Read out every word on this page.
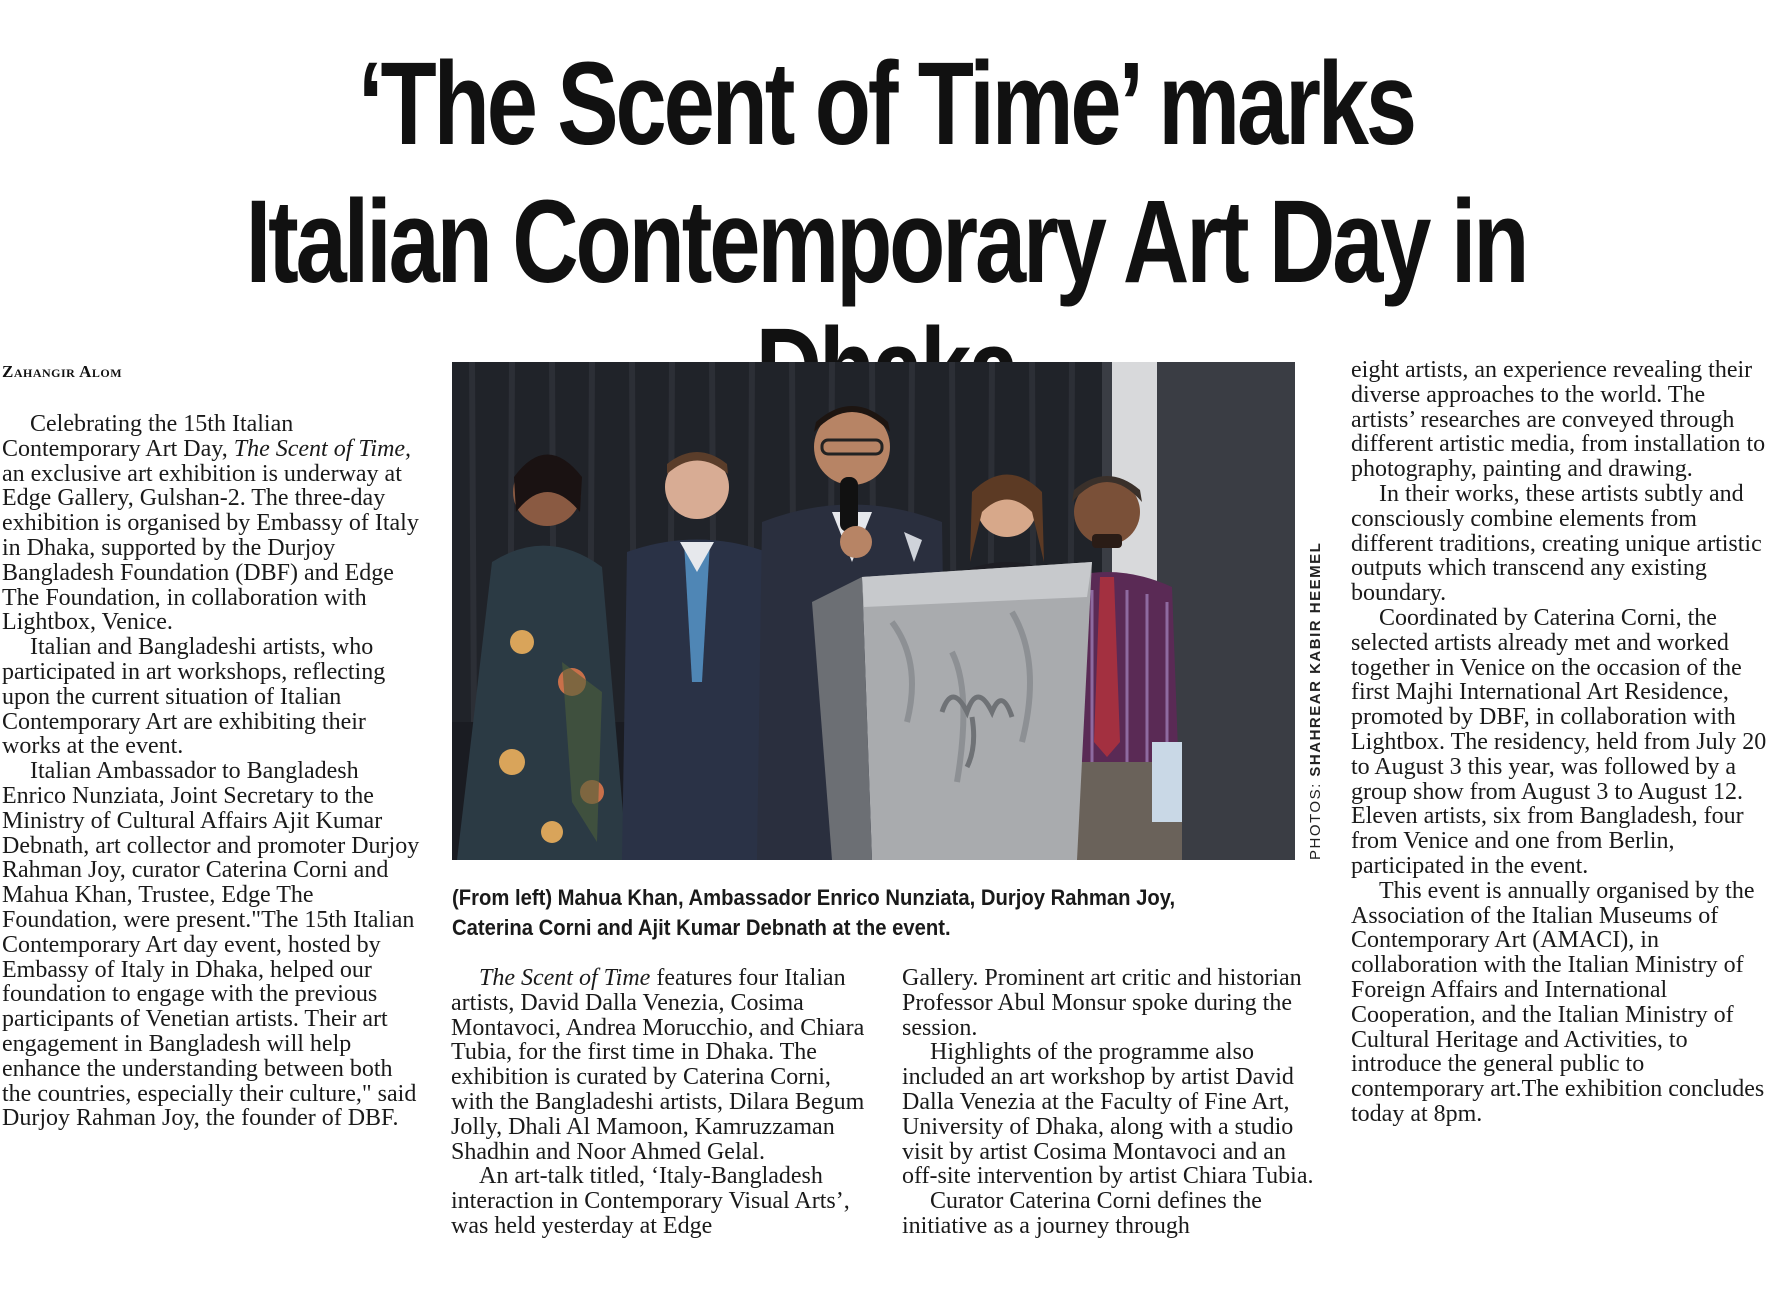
‘The Scent of Time’ marks
Italian Contemporary Art Day in
Zahangir Alom

Celebrating the 15th Italian Contemporary Art Day, The Scent of Time, an exclusive art exhibition is underway at Edge Gallery, Gulshan-2. The three-day exhibition is organised by Embassy of Italy in Dhaka, supported by the Durjoy Bangladesh Foundation (DBF) and Edge The Foundation, in collaboration with Lightbox, Venice.

Italian and Bangladeshi artists, who participated in art workshops, reflecting upon the current situation of Italian Contemporary Art are exhibiting their works at the event.

Italian Ambassador to Bangladesh Enrico Nunziata, Joint Secretary to the Ministry of Cultural Affairs Ajit Kumar Debnath, art collector and promoter Durjoy Rahman Joy, curator Caterina Corni and Mahua Khan, Trustee, Edge The Foundation, were present."The 15th Italian Contemporary Art day event, hosted by Embassy of Italy in Dhaka, helped our foundation to engage with the previous participants of Venetian artists. Their art engagement in Bangladesh will help enhance the understanding between both the countries, especially their culture," said Durjoy Rahman Joy, the founder of DBF.

PHOTOS: SHAHREAR KABIR HEEMEL
(From left) Mahua Khan, Ambassador Enrico Nunziata, Durjoy Rahman Joy, Caterina Corni and Ajit Kumar Debnath at the event.

The Scent of Time features four Italian artists, David Dalla Venezia, Cosima Montavoci, Andrea Morucchio, and Chiara Tubia, for the first time in Dhaka. The exhibition is curated by Caterina Corni, with the Bangladeshi artists, Dilara Begum Jolly, Dhali Al Mamoon, Kamruzzaman Shadhin and Noor Ahmed Gelal.

An art-talk titled, ‘Italy-Bangladesh interaction in Contemporary Visual Arts’, was held yesterday at Edge

Gallery. Prominent art critic and historian Professor Abul Monsur spoke during the session.

Highlights of the programme also included an art workshop by artist David Dalla Venezia at the Faculty of Fine Art, University of Dhaka, along with a studio visit by artist Cosima Montavoci and an off-site intervention by artist Chiara Tubia.

Curator Caterina Corni defines the initiative as a journey through

eight artists, an experience revealing their diverse approaches to the world. The artists’ researches are conveyed through different artistic media, from installation to photography, painting and drawing.

In their works, these artists subtly and consciously combine elements from different traditions, creating unique artistic outputs which transcend any existing boundary.

Coordinated by Caterina Corni, the selected artists already met and worked together in Venice on the occasion of the first Majhi International Art Residence, promoted by DBF, in collaboration with Lightbox. The residency, held from July 20 to August 3 this year, was followed by a group show from August 3 to August 12. Eleven artists, six from Bangladesh, four from Venice and one from Berlin, participated in the event.

This event is annually organised by the Association of the Italian Museums of Contemporary Art (AMACI), in collaboration with the Italian Ministry of Foreign Affairs and International Cooperation, and the Italian Ministry of Cultural Heritage and Activities, to introduce the general public to contemporary art.The exhibition concludes today at 8pm.
